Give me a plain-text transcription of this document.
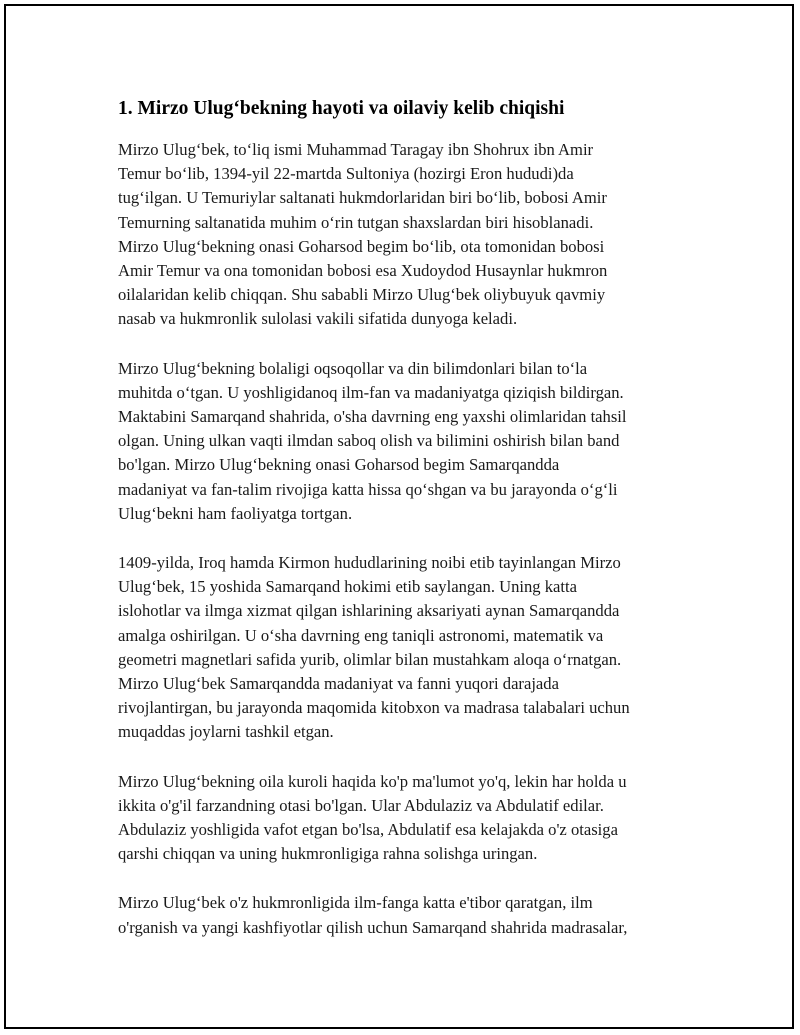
1. Mirzo Ulug‘bekning hayoti va oilaviy kelib chiqishi

Mirzo Ulug‘bek, to‘liq ismi Muhammad Taragay ibn Shohrux ibn Amir
Temur bo‘lib, 1394-yil 22-martda Sultoniya (hozirgi Eron hududi)da
tug‘ilgan. U Temuriylar saltanati hukmdorlaridan biri bo‘lib, bobosi Amir
Temurning saltanatida muhim o‘rin tutgan shaxslardan biri hisoblanadi.
Mirzo Ulug‘bekning onasi Goharsod begim bo‘lib, ota tomonidan bobosi
Amir Temur va ona tomonidan bobosi esa Xudoydod Husaynlar hukmron
oilalaridan kelib chiqqan. Shu sababli Mirzo Ulug‘bek oliybuyuk qavmiy
nasab va hukmronlik sulolasi vakili sifatida dunyoga keladi.

Mirzo Ulug‘bekning bolaligi oqsoqollar va din bilimdonlari bilan to‘la
muhitda o‘tgan. U yoshligidanoq ilm-fan va madaniyatga qiziqish bildirgan.
Maktabini Samarqand shahrida, o'sha davrning eng yaxshi olimlaridan tahsil
olgan. Uning ulkan vaqti ilmdan saboq olish va bilimini oshirish bilan band
bo'lgan. Mirzo Ulug‘bekning onasi Goharsod begim Samarqandda
madaniyat va fan-talim rivojiga katta hissa qo‘shgan va bu jarayonda o‘g‘li
Ulug‘bekni ham faoliyatga tortgan.

1409-yilda, Iroq hamda Kirmon hududlarining noibi etib tayinlangan Mirzo
Ulug‘bek, 15 yoshida Samarqand hokimi etib saylangan. Uning katta
islohotlar va ilmga xizmat qilgan ishlarining aksariyati aynan Samarqandda
amalga oshirilgan. U o‘sha davrning eng taniqli astronomi, matematik va
geometri magnetlari safida yurib, olimlar bilan mustahkam aloqa o‘rnatgan.
Mirzo Ulug‘bek Samarqandda madaniyat va fanni yuqori darajada
rivojlantirgan, bu jarayonda maqomida kitobxon va madrasa talabalari uchun
muqaddas joylarni tashkil etgan.

Mirzo Ulug‘bekning oila kuroli haqida ko'p ma'lumot yo'q, lekin har holda u
ikkita o'g'il farzandning otasi bo'lgan. Ular Abdulaziz va Abdulatif edilar.
Abdulaziz yoshligida vafot etgan bo'lsa, Abdulatif esa kelajakda o'z otasiga
qarshi chiqqan va uning hukmronligiga rahna solishga uringan.

Mirzo Ulug‘bek o'z hukmronligida ilm-fanga katta e'tibor qaratgan, ilm
o'rganish va yangi kashfiyotlar qilish uchun Samarqand shahrida madrasalar,
